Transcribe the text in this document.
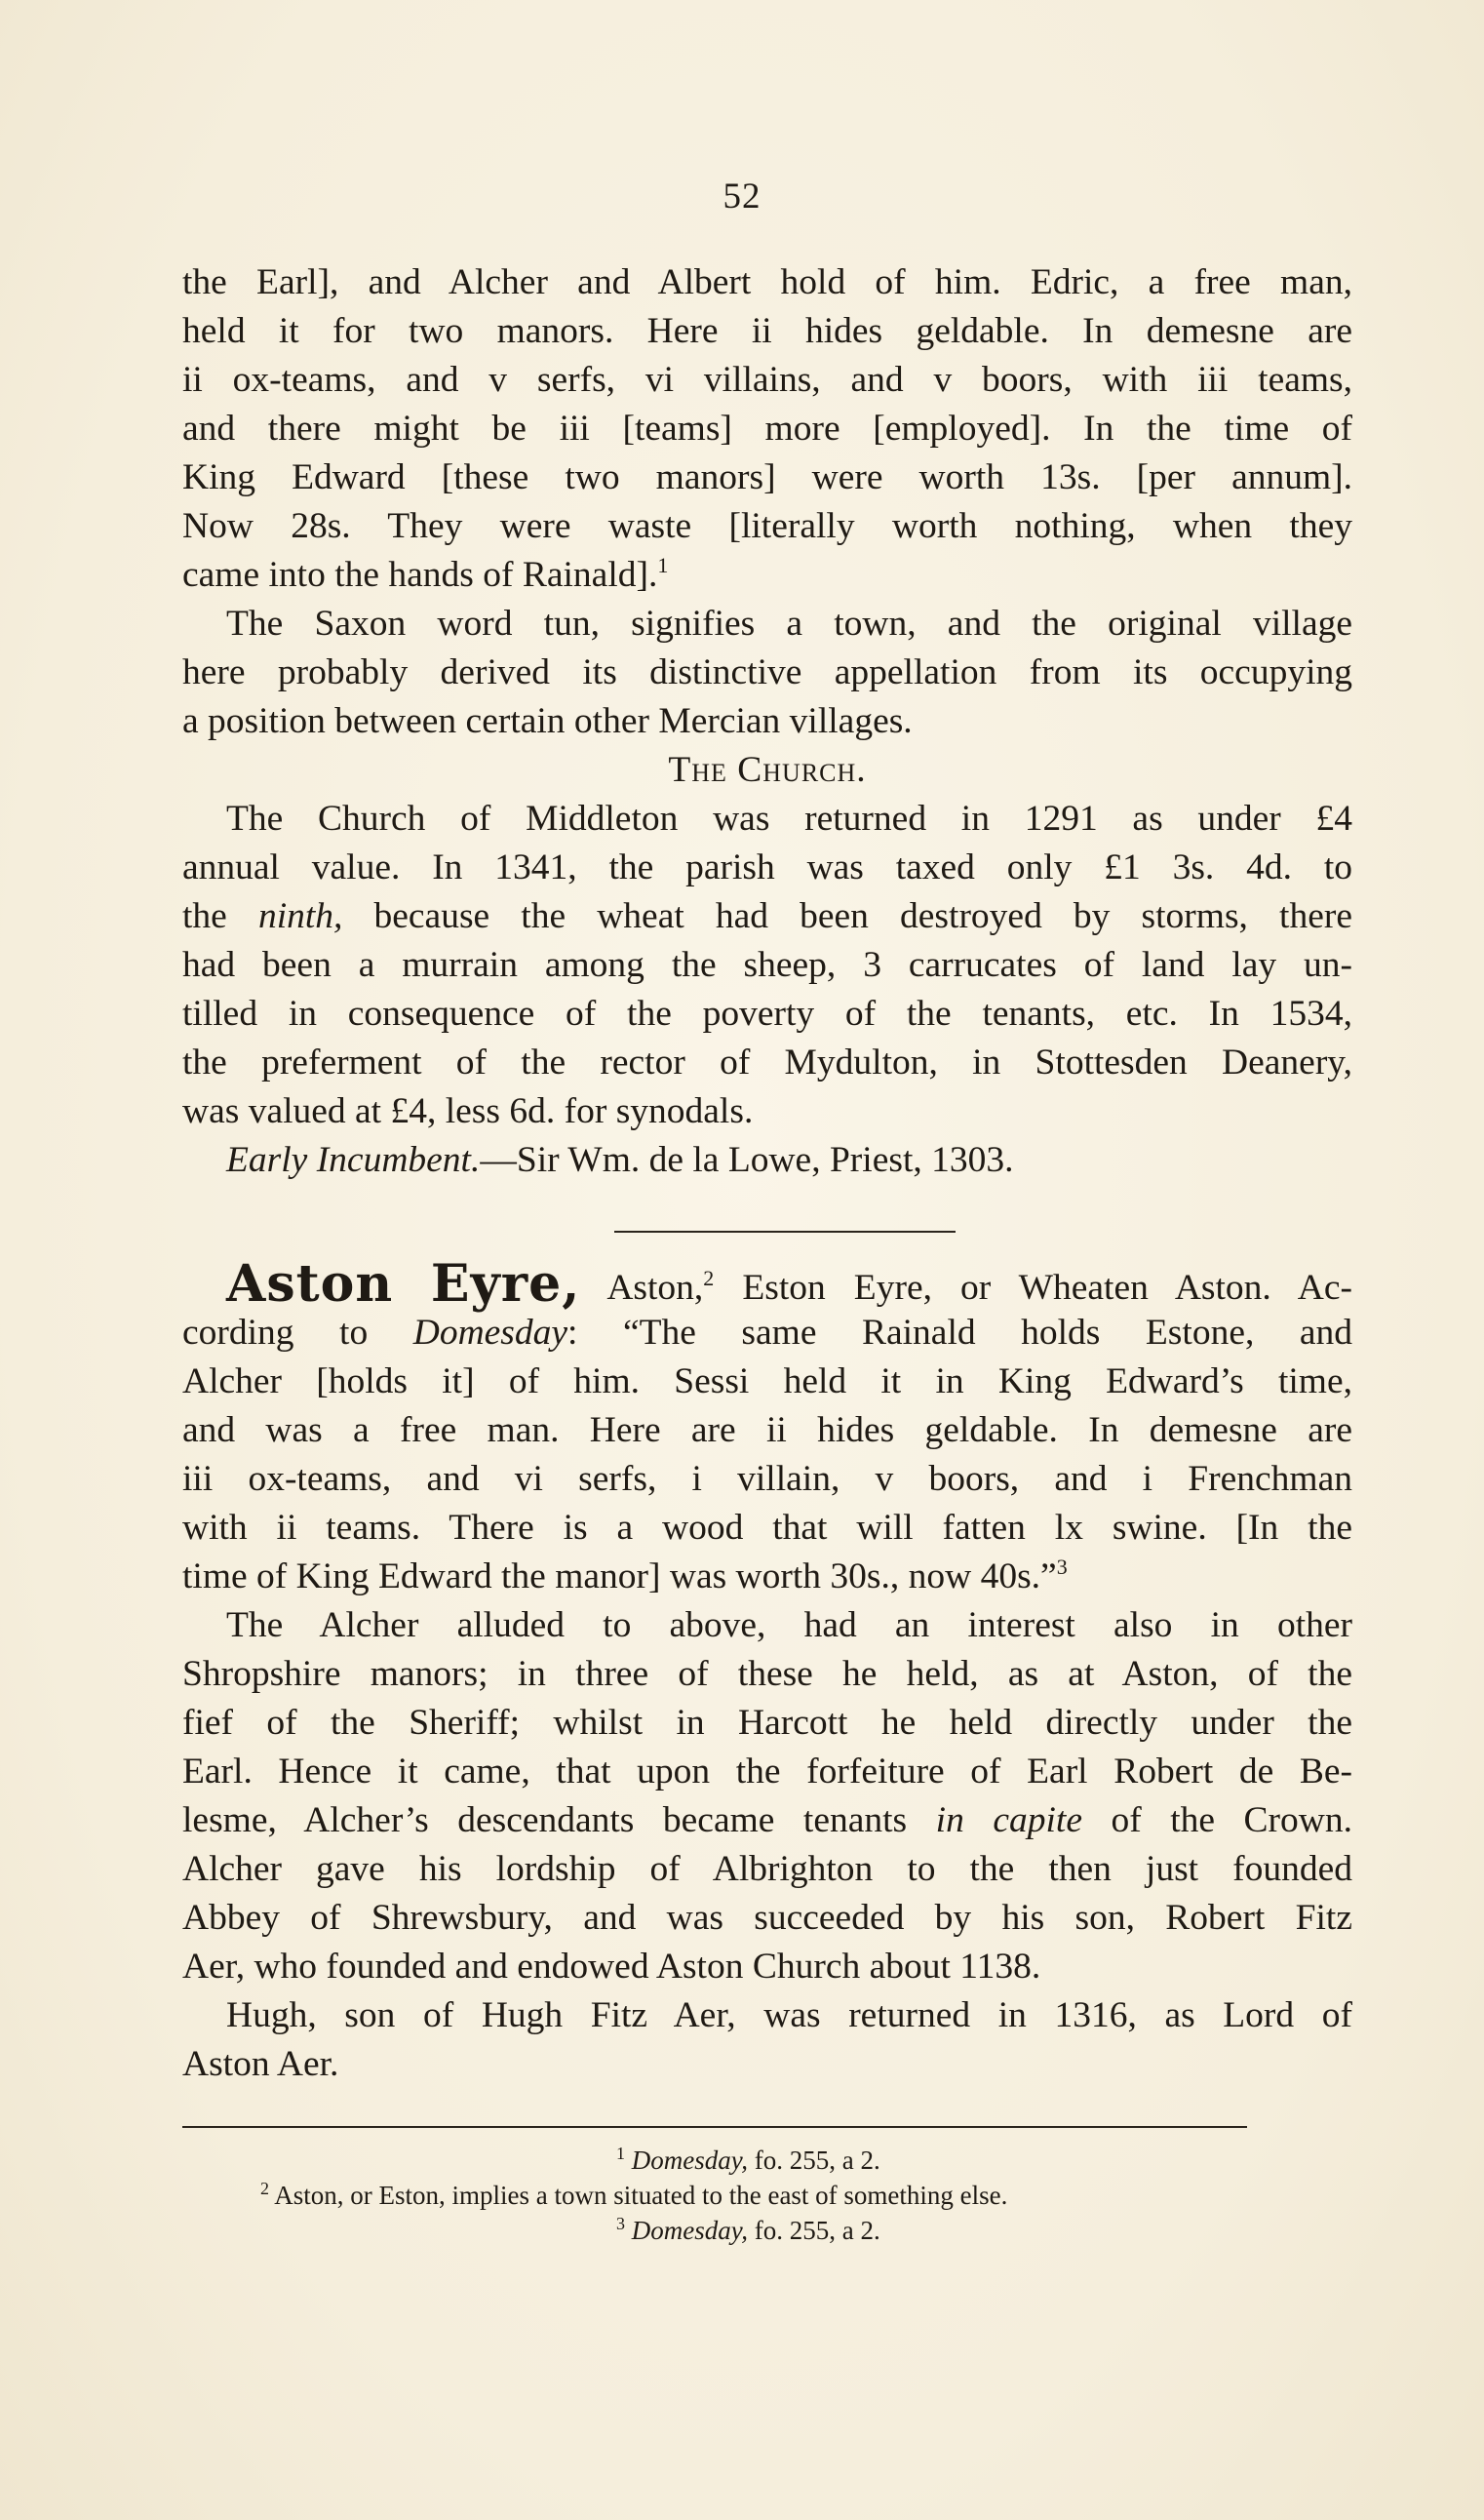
52
the Earl], and Alcher and Albert hold of him. Edric, a free man,
held it for two manors. Here ii hides geldable. In demesne are
ii ox-teams, and v serfs, vi villains, and v boors, with iii teams,
and there might be iii [teams] more [employed]. In the time of
King Edward [these two manors] were worth 13s. [per annum].
Now 28s. They were waste [literally worth nothing, when they
came into the hands of Rainald].$^1$
The Saxon word tun, signifies a town, and the original village
here probably derived its distinctive appellation from its occupying
a position between certain other Mercian villages.
The Church.
The Church of Middleton was returned in 1291 as under £4
annual value. In 1341, the parish was taxed only £1 3s. 4d. to
the ninth, because the wheat had been destroyed by storms, there
had been a murrain among the sheep, 3 carrucates of land lay un-
tilled in consequence of the poverty of the tenants, etc. In 1534,
the preferment of the rector of Mydulton, in Stottesden Deanery,
was valued at £4, less 6d. for synodals.
Early Incumbent.—Sir Wm. de la Lowe, Priest, 1303.
Aston Eyre, Aston,$^2$ Eston Eyre, or Wheaten Aston. Ac-
cording to Domesday: “The same Rainald holds Estone, and
Alcher [holds it] of him. Sessi held it in King Edward’s time,
and was a free man. Here are ii hides geldable. In demesne are
iii ox-teams, and vi serfs, i villain, v boors, and i Frenchman
with ii teams. There is a wood that will fatten lx swine. [In the
time of King Edward the manor] was worth 30s., now 40s.”$^3$
The Alcher alluded to above, had an interest also in other
Shropshire manors; in three of these he held, as at Aston, of the
fief of the Sheriff; whilst in Harcott he held directly under the
Earl. Hence it came, that upon the forfeiture of Earl Robert de Be-
lesme, Alcher’s descendants became tenants in capite of the Crown.
Alcher gave his lordship of Albrighton to the then just founded
Abbey of Shrewsbury, and was succeeded by his son, Robert Fitz
Aer, who founded and endowed Aston Church about 1138.
Hugh, son of Hugh Fitz Aer, was returned in 1316, as Lord of
Aston Aer.
$^1$ Domesday, fo. 255, a 2.
$^2$ Aston, or Eston, implies a town situated to the east of something else.
$^3$ Domesday, fo. 255, a 2.
